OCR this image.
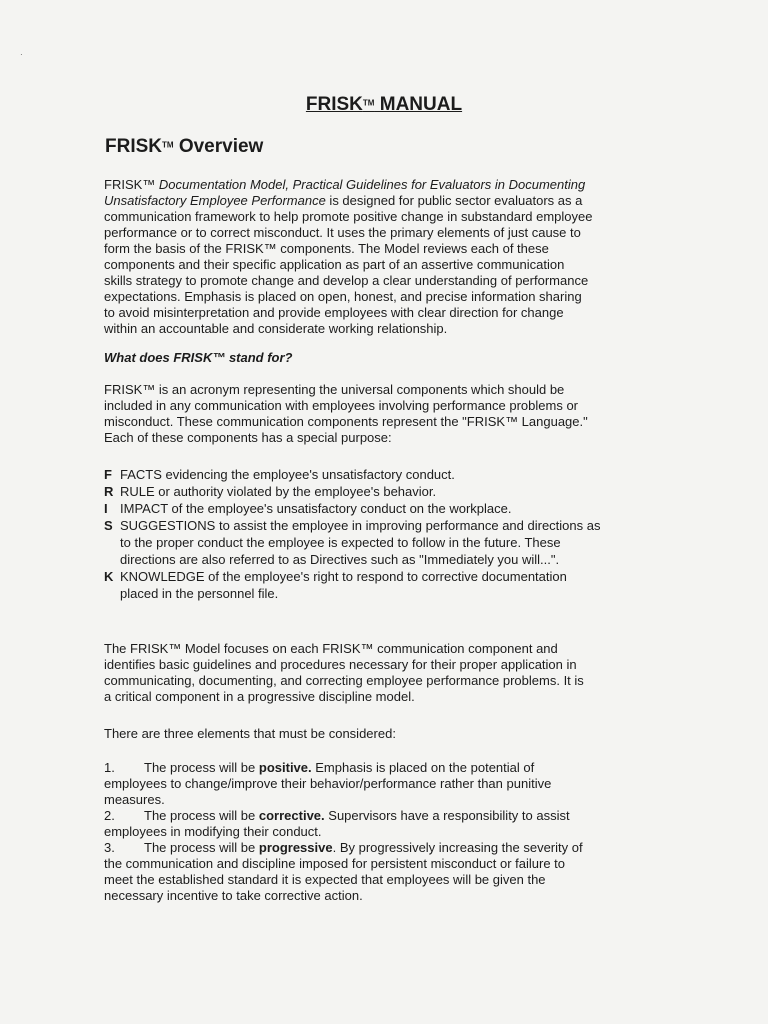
·
FRISK™ MANUAL
FRISK™ Overview
FRISK™ Documentation Model, Practical Guidelines for Evaluators in Documenting
Unsatisfactory Employee Performance is designed for public sector evaluators as a
communication framework to help promote positive change in substandard employee
performance or to correct misconduct. It uses the primary elements of just cause to
form the basis of the FRISK™ components. The Model reviews each of these
components and their specific application as part of an assertive communication
skills strategy to promote change and develop a clear understanding of performance
expectations. Emphasis is placed on open, honest, and precise information sharing
to avoid misinterpretation and provide employees with clear direction for change
within an accountable and considerate working relationship.
What does FRISK™ stand for?
FRISK™ is an acronym representing the universal components which should be
included in any communication with employees involving performance problems or
misconduct. These communication components represent the "FRISK™ Language."
Each of these components has a special purpose:
F FACTS evidencing the employee's unsatisfactory conduct.
R RULE or authority violated by the employee's behavior.
I IMPACT of the employee's unsatisfactory conduct on the workplace.
S SUGGESTIONS to assist the employee in improving performance and directions as
to the proper conduct the employee is expected to follow in the future. These
directions are also referred to as Directives such as "Immediately you will...".
K KNOWLEDGE of the employee's right to respond to corrective documentation
placed in the personnel file.
The FRISK™ Model focuses on each FRISK™ communication component and
identifies basic guidelines and procedures necessary for their proper application in
communicating, documenting, and correcting employee performance problems. It is
a critical component in a progressive discipline model.
There are three elements that must be considered:
1. The process will be positive. Emphasis is placed on the potential of
employees to change/improve their behavior/performance rather than punitive
measures.
2. The process will be corrective. Supervisors have a responsibility to assist
employees in modifying their conduct.
3. The process will be progressive. By progressively increasing the severity of
the communication and discipline imposed for persistent misconduct or failure to
meet the established standard it is expected that employees will be given the
necessary incentive to take corrective action.
